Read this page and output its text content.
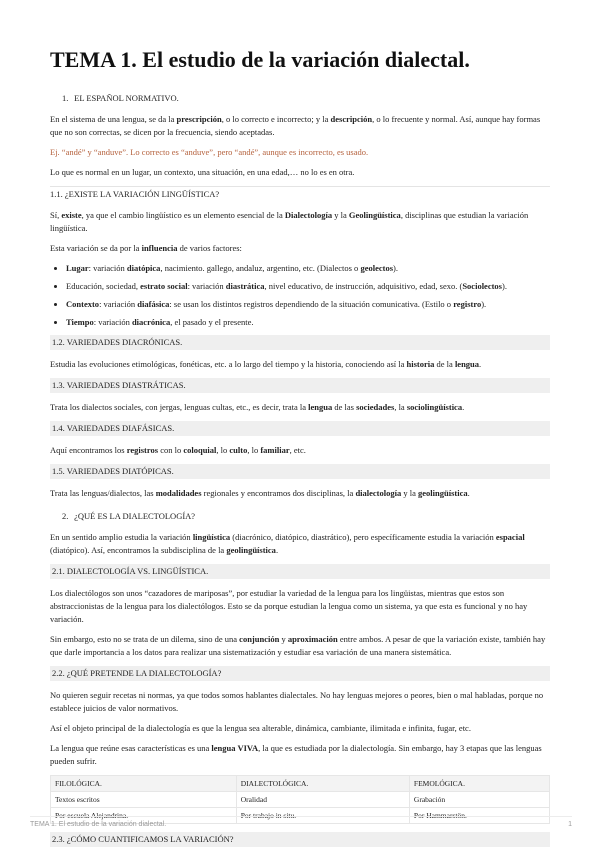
TEMA 1. El estudio de la variación dialectal.
1. EL ESPAÑOL NORMATIVO.

En el sistema de una lengua, se da la prescripción, o lo correcto e incorrecto; y la descripción, o lo frecuente y normal. Así, aunque hay formas que no son correctas, se dicen por la frecuencia, siendo aceptadas.

Ej. “andé” y “anduve”. Lo correcto es “anduve”, pero “andé”, aunque es incorrecto, es usado.

Lo que es normal en un lugar, un contexto, una situación, en una edad,… no lo es en otra.

1.1. ¿EXISTE LA VARIACIÓN LINGÜÍSTICA?

Sí, existe, ya que el cambio lingüístico es un elemento esencial de la Dialectología y la Geolingüística, disciplinas que estudian la variación lingüística.

Esta variación se da por la influencia de varios factores:

• Lugar: variación diatópica, nacimiento. gallego, andaluz, argentino, etc. (Dialectos o geolectos).
• Educación, sociedad, estrato social: variación diastrática, nivel educativo, de instrucción, adquisitivo, edad, sexo. (Sociolectos).
• Contexto: variación diafásica: se usan los distintos registros dependiendo de la situación comunicativa. (Estilo o registro).
• Tiempo: variación diacrónica, el pasado y el presente.
1.2. VARIEDADES DIACRÓNICAS.

Estudia las evoluciones etimológicas, fonéticas, etc. a lo largo del tiempo y la historia, conociendo así la historia de la lengua.

1.3. VARIEDADES DIASTRÁTICAS.

Trata los dialectos sociales, con jergas, lenguas cultas, etc., es decir, trata la lengua de las sociedades, la sociolingüística.

1.4. VARIEDADES DIAFÁSICAS.

Aquí encontramos los registros con lo coloquial, lo culto, lo familiar, etc.

1.5. VARIEDADES DIATÓPICAS.

Trata las lenguas/dialectos, las modalidades regionales y encontramos dos disciplinas, la dialectología y la geolingüística.

2. ¿QUÉ ES LA DIALECTOLOGÍA?

En un sentido amplio estudia la variación lingüística (diacrónico, diatópico, diastrático), pero específicamente estudia la variación espacial (diatópico). Así, encontramos la subdisciplina de la geolingüística.

2.1. DIALECTOLOGÍA VS. LINGÜÍSTICA.

Los dialectólogos son unos “cazadores de mariposas”, por estudiar la variedad de la lengua para los lingüistas, mientras que estos son abstraccionistas de la lengua para los dialectólogos. Esto se da porque estudian la lengua como un sistema, ya que esta es funcional y no hay variación.

Sin embargo, esto no se trata de un dilema, sino de una conjunción y aproximación entre ambos. A pesar de que la variación existe, también hay que darle importancia a los datos para realizar una sistematización y estudiar esa variación de una manera sistemática.

2.2. ¿QUÉ PRETENDE LA DIALECTOLOGÍA?

No quieren seguir recetas ni normas, ya que todos somos hablantes dialectales. No hay lenguas mejores o peores, bien o mal habladas, porque no establece juicios de valor normativos.

Así el objeto principal de la dialectología es que la lengua sea alterable, dinámica, cambiante, ilimitada e infinita, fugar, etc.

La lengua que reúne esas características es una lengua VIVA, la que es estudiada por la dialectología. Sin embargo, hay 3 etapas que las lenguas pueden sufrir.

FILOLÓGICA.	DIALECTOLÓGICA.	FEMOLÓGICA.
Textos escritos	Oralidad	Grabación
Por escuela Alejandrina.	Por trabajo in situ.	Por Hammarstön.
2.3. ¿CÓMO CUANTIFICAMOS LA VARIACIÓN?
TEMA 1. El estudio de la variación dialectal.	1
